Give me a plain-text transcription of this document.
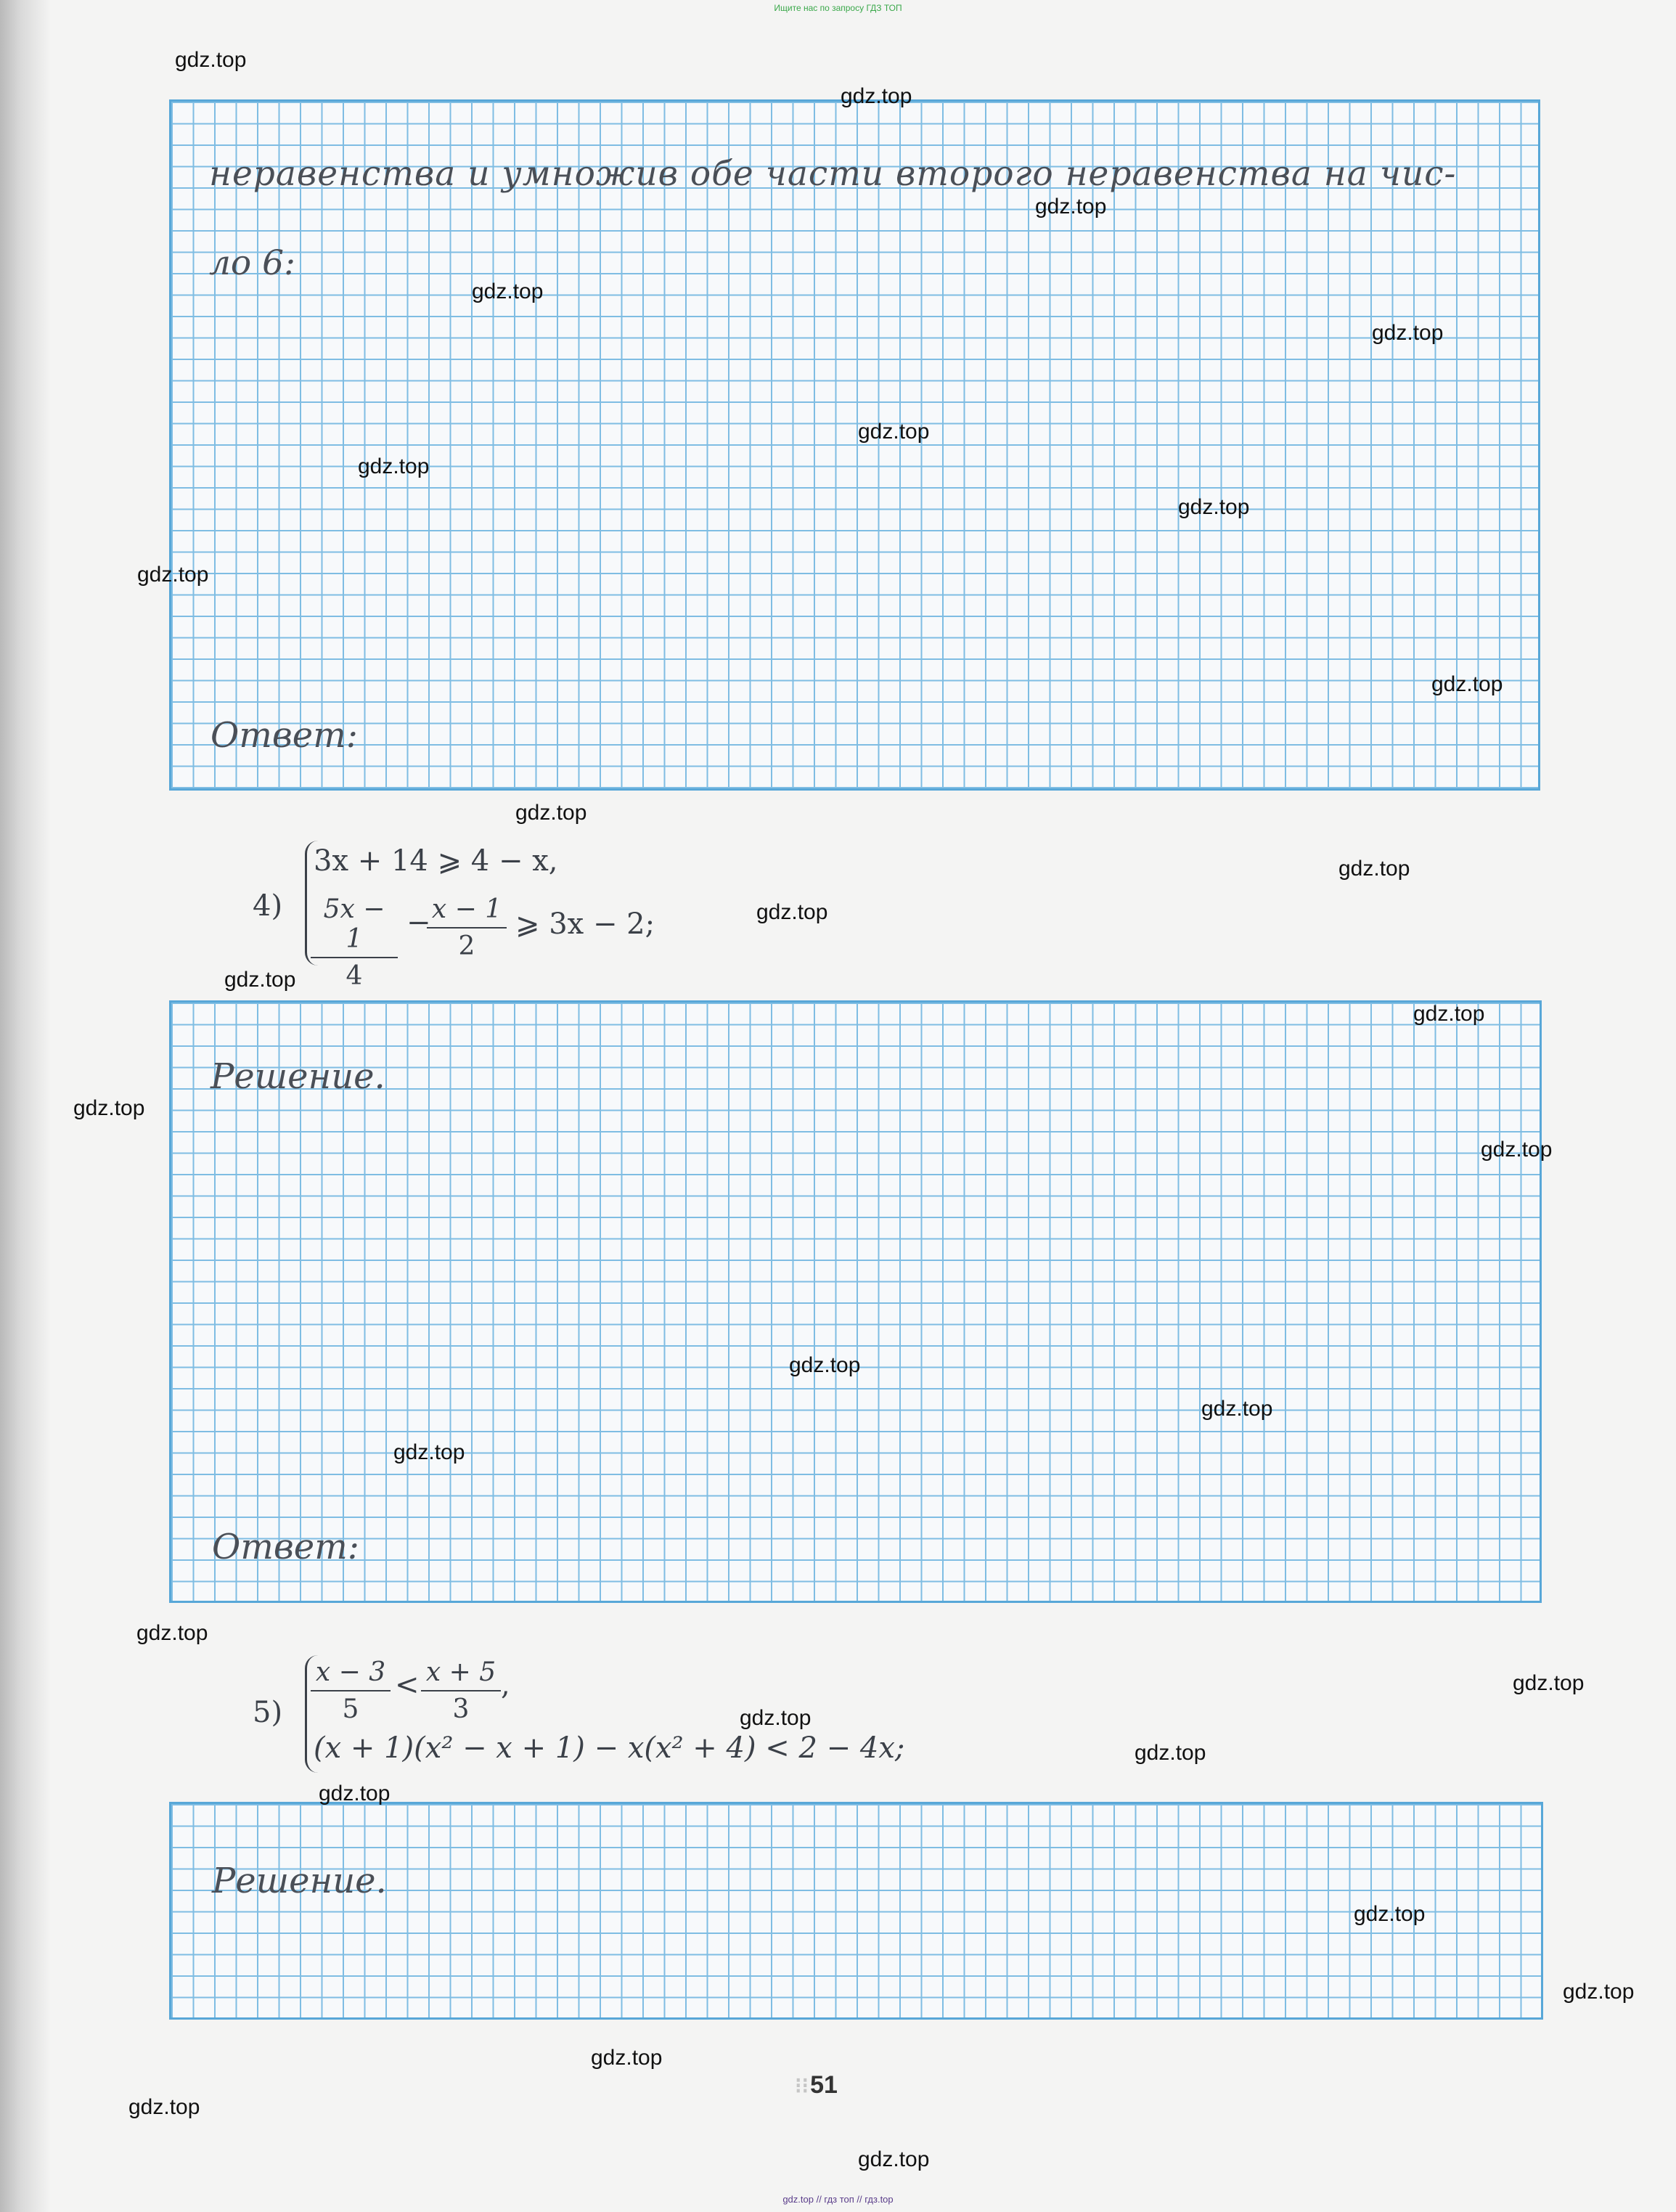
Ищите нас по запросу ГДЗ ТОП
неравенства и умножив обе части второго неравенства на чис-
ло 6:
Ответ:
4)
3x + 14 ⩾ 4 − x,
5x − 1
4
− x − 1
2
⩾ 3x − 2;
Решение.
Ответ:
5)
x − 3
5
< x + 5
3
,
(x + 1)(x² − x + 1) − x(x² + 4) < 2 − 4x;
Решение.
⁝⁝51
gdz.top
gdz.top
gdz.top
gdz.top
gdz.top
gdz.top
gdz.top
gdz.top
gdz.top
gdz.top
gdz.top
gdz.top
gdz.top
gdz.top
gdz.top
gdz.top
gdz.top
gdz.top
gdz.top
gdz.top
gdz.top
gdz.top
gdz.top
gdz.top
gdz.top
gdz.top
gdz.top
gdz.top
gdz.top
gdz.top
gdz.top // гдз топ // гдз.top
